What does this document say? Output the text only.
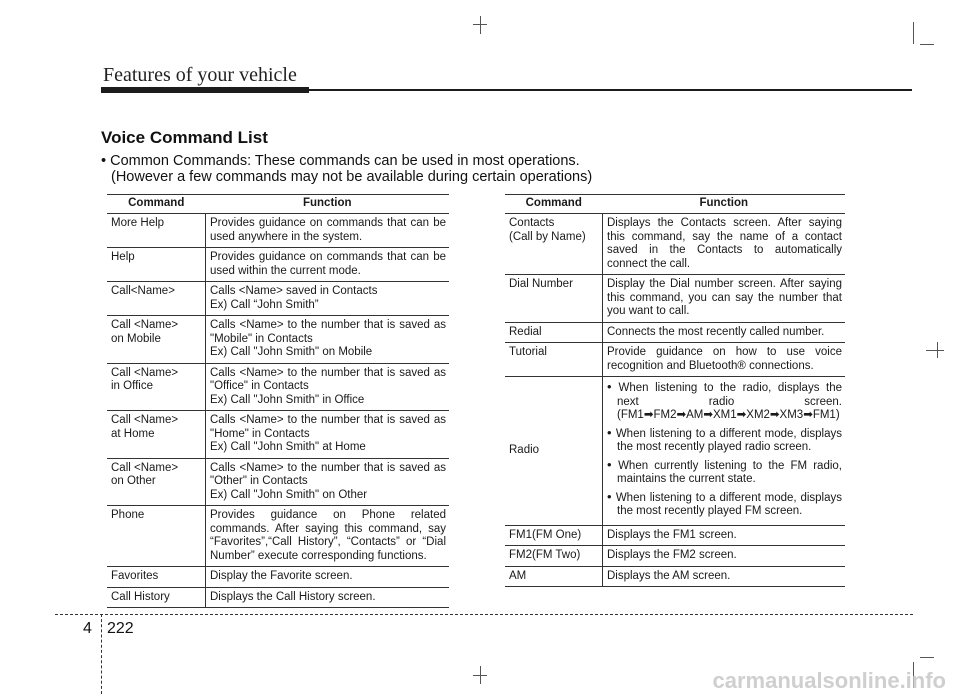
Features of your vehicle
Voice Command List
• Common Commands: These commands can be used in most operations.
(However a few commands may not be available during certain operations)
Command	Function
More Help	Provides guidance on commands that can be used anywhere in the system.
Help	Provides guidance on commands that can be used within the current mode.
Call<Name>	Calls <Name> saved in Contacts
Ex) Call “John Smith”
Call <Name>
on Mobile	Calls <Name> to the number that is saved as "Mobile" in Contacts
Ex) Call "John Smith" on Mobile
Call <Name>
in Office	Calls <Name> to the number that is saved as "Office" in Contacts
Ex) Call "John Smith" in Office
Call <Name>
at Home	Calls <Name> to the number that is saved as "Home" in Contacts
Ex) Call "John Smith" at Home
Call <Name>
on Other	Calls <Name> to the number that is saved as "Other" in Contacts
Ex) Call "John Smith" on Other
Phone	Provides guidance on Phone related commands. After saying this command, say “Favorites”,“Call History”, “Contacts” or “Dial Number” execute corresponding functions.
Favorites	Display the Favorite screen.
Call History	Displays the Call History screen.
Command	Function
Contacts
(Call by Name)	Displays the Contacts screen. After saying this command, say the name of a contact saved in the Contacts to automatically connect the call.
Dial Number	Display the Dial number screen. After saying this command, you can say the number that you want to call.
Redial	Connects the most recently called number.
Tutorial	Provide guidance on how to use voice recognition and Bluetooth® connections.
Radio	• When listening to the radio, displays the next radio screen. (FM1➡FM2➡AM➡XM1➡XM2➡XM3➡FM1)
• When listening to a different mode, displays the most recently played radio screen.
• When currently listening to the FM radio, maintains the current state.
• When listening to a different mode, displays the most recently played FM screen.

FM1(FM One)	Displays the FM1 screen.
FM2(FM Two)	Displays the FM2 screen.
AM	Displays the AM screen.
4 222
carmanualsonline.info
